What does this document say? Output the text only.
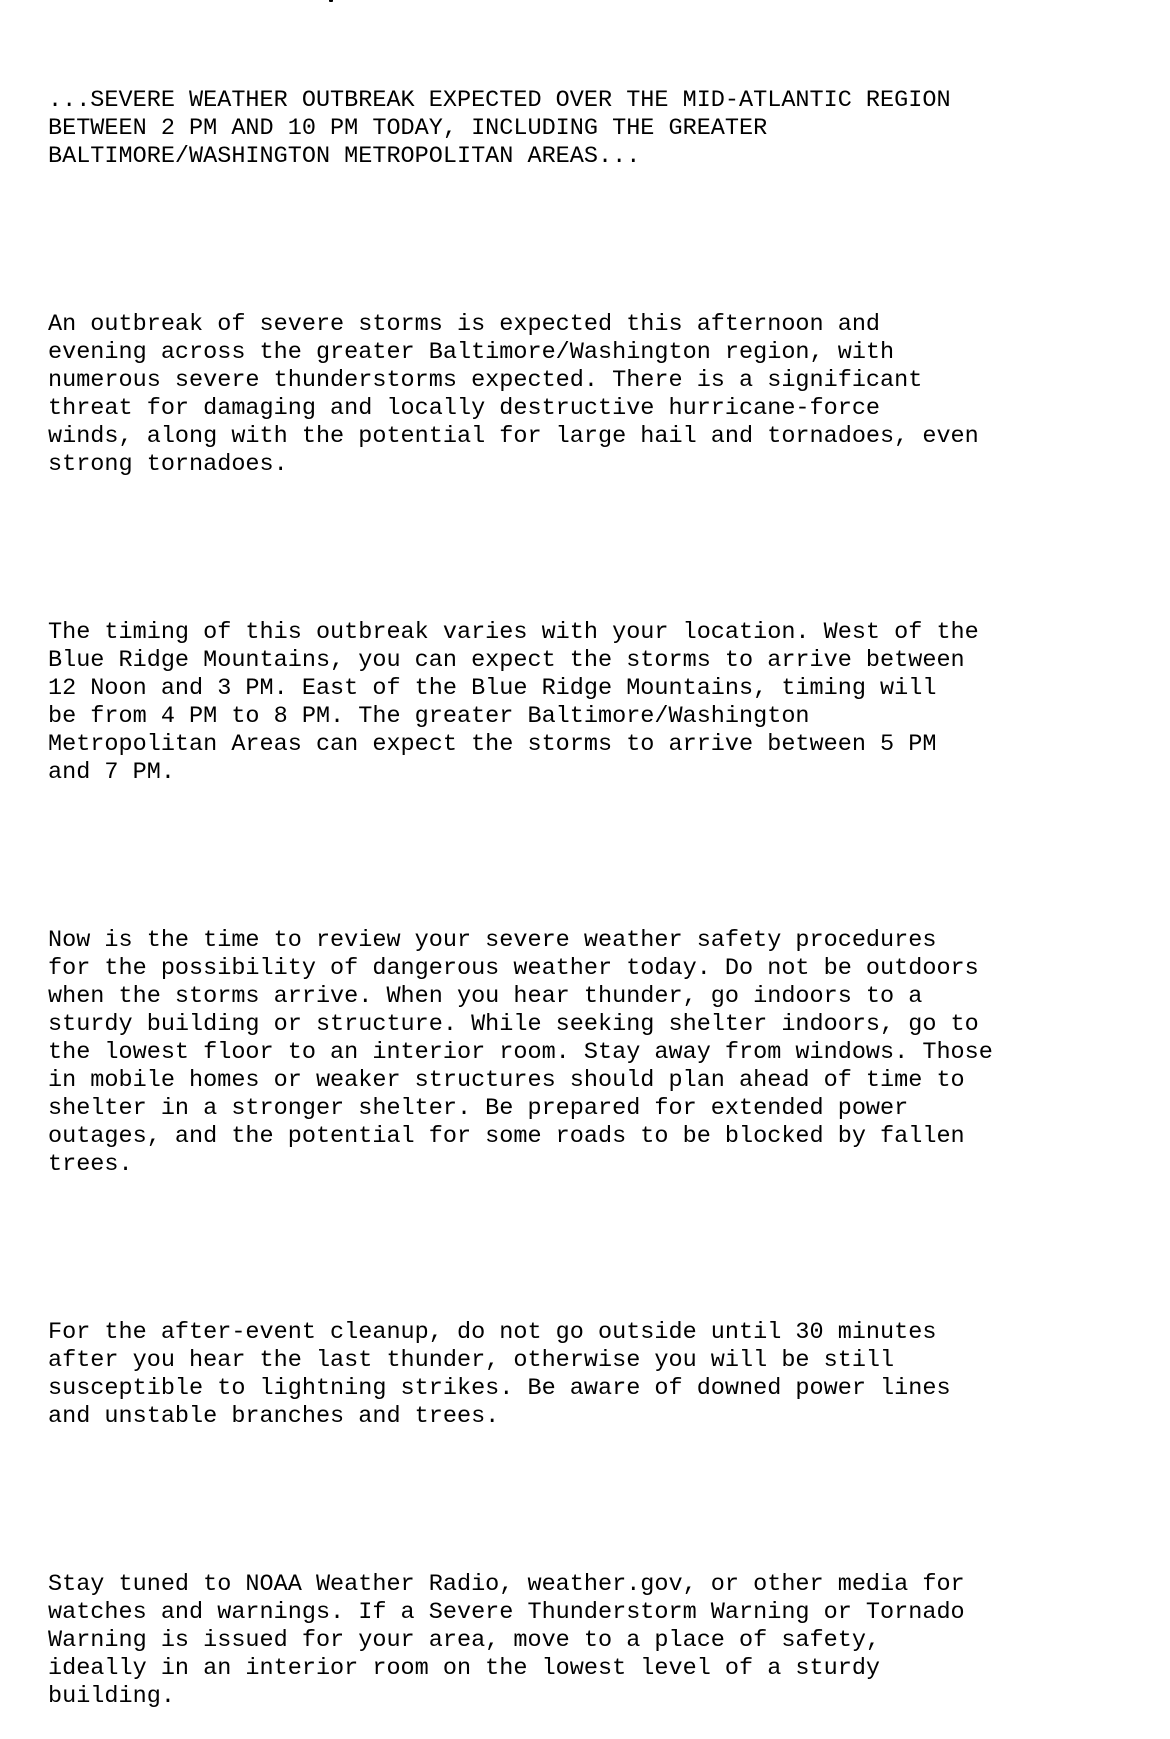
...SEVERE WEATHER OUTBREAK EXPECTED OVER THE MID-ATLANTIC REGION
BETWEEN 2 PM AND 10 PM TODAY, INCLUDING THE GREATER
BALTIMORE/WASHINGTON METROPOLITAN AREAS...

An outbreak of severe storms is expected this afternoon and
evening across the greater Baltimore/Washington region, with
numerous severe thunderstorms expected. There is a significant
threat for damaging and locally destructive hurricane-force
winds, along with the potential for large hail and tornadoes, even
strong tornadoes.

The timing of this outbreak varies with your location. West of the
Blue Ridge Mountains, you can expect the storms to arrive between
12 Noon and 3 PM. East of the Blue Ridge Mountains, timing will
be from 4 PM to 8 PM. The greater Baltimore/Washington
Metropolitan Areas can expect the storms to arrive between 5 PM
and 7 PM.

Now is the time to review your severe weather safety procedures
for the possibility of dangerous weather today. Do not be outdoors
when the storms arrive. When you hear thunder, go indoors to a
sturdy building or structure. While seeking shelter indoors, go to
the lowest floor to an interior room. Stay away from windows. Those
in mobile homes or weaker structures should plan ahead of time to
shelter in a stronger shelter. Be prepared for extended power
outages, and the potential for some roads to be blocked by fallen
trees.

For the after-event cleanup, do not go outside until 30 minutes
after you hear the last thunder, otherwise you will be still
susceptible to lightning strikes. Be aware of downed power lines
and unstable branches and trees.

Stay tuned to NOAA Weather Radio, weather.gov, or other media for
watches and warnings. If a Severe Thunderstorm Warning or Tornado
Warning is issued for your area, move to a place of safety,
ideally in an interior room on the lowest level of a sturdy
building.
